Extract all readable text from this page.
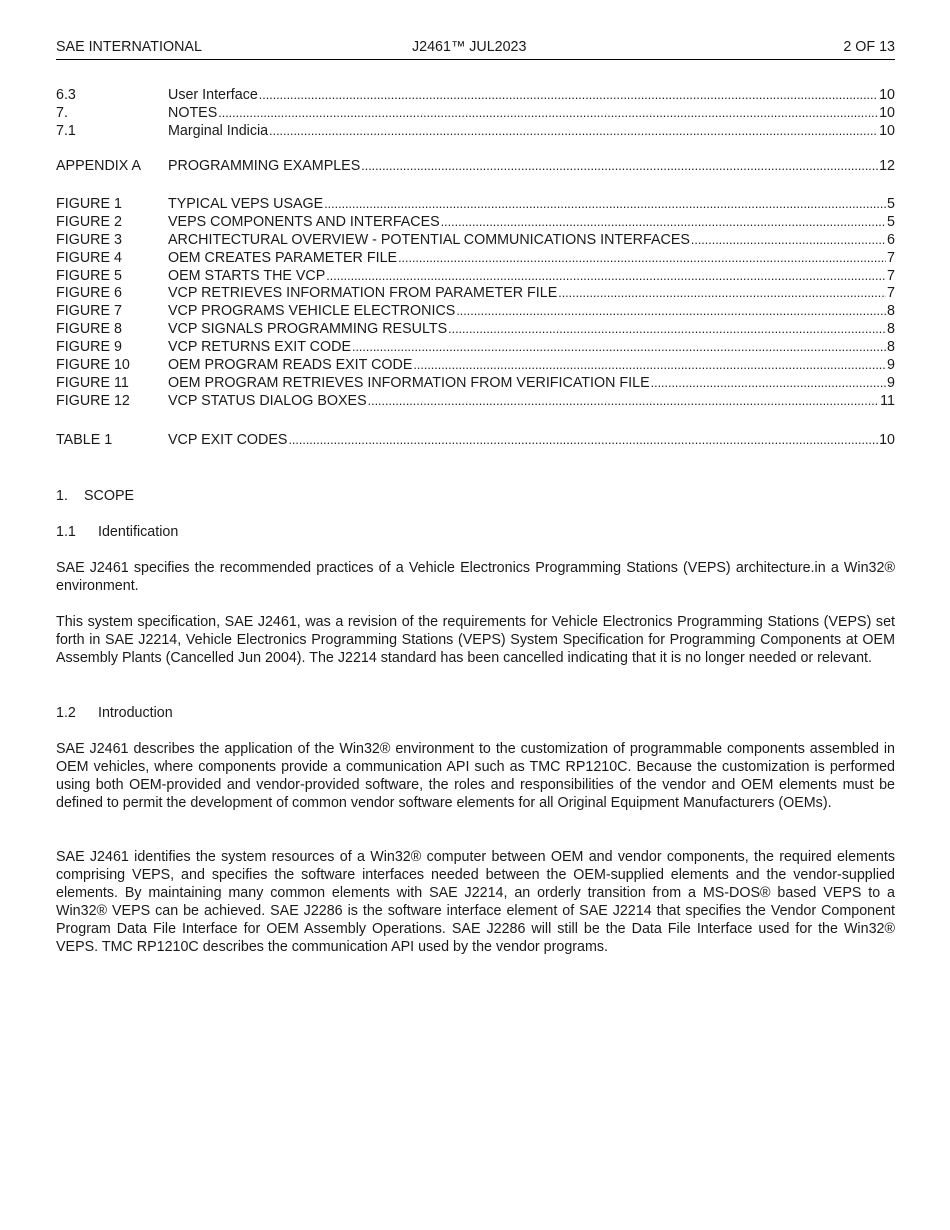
SAE INTERNATIONAL	J2461™ JUL2023	2 OF 13
6.3	User Interface .....	10
7.	NOTES .....	10
7.1	Marginal Indicia .....	10
APPENDIX A	PROGRAMMING EXAMPLES .....	12
FIGURE 1	TYPICAL VEPS USAGE .....	5
FIGURE 2	VEPS COMPONENTS AND INTERFACES .....	5
FIGURE 3	ARCHITECTURAL OVERVIEW - POTENTIAL COMMUNICATIONS INTERFACES .....	6
FIGURE 4	OEM CREATES PARAMETER FILE .....	7
FIGURE 5	OEM STARTS THE VCP .....	7
FIGURE 6	VCP RETRIEVES INFORMATION FROM PARAMETER FILE .....	7
FIGURE 7	VCP PROGRAMS VEHICLE ELECTRONICS .....	8
FIGURE 8	VCP SIGNALS PROGRAMMING RESULTS .....	8
FIGURE 9	VCP RETURNS EXIT CODE .....	8
FIGURE 10	OEM PROGRAM READS EXIT CODE .....	9
FIGURE 11	OEM PROGRAM RETRIEVES INFORMATION FROM VERIFICATION FILE .....	9
FIGURE 12	VCP STATUS DIALOG BOXES .....	11
TABLE 1	VCP EXIT CODES .....	10
1. SCOPE
1.1 Identification

SAE J2461 specifies the recommended practices of a Vehicle Electronics Programming Stations (VEPS) architecture.in a Win32® environment.

This system specification, SAE J2461, was a revision of the requirements for Vehicle Electronics Programming Stations (VEPS) set forth in SAE J2214, Vehicle Electronics Programming Stations (VEPS) System Specification for Programming Components at OEM Assembly Plants (Cancelled Jun 2004). The J2214 standard has been cancelled indicating that it is no longer needed or relevant.

1.2 Introduction

SAE J2461 describes the application of the Win32® environment to the customization of programmable components assembled in OEM vehicles, where components provide a communication API such as TMC RP1210C. Because the customization is performed using both OEM-provided and vendor-provided software, the roles and responsibilities of the vendor and OEM elements must be defined to permit the development of common vendor software elements for all Original Equipment Manufacturers (OEMs).

SAE J2461 identifies the system resources of a Win32® computer between OEM and vendor components, the required elements comprising VEPS, and specifies the software interfaces needed between the OEM-supplied elements and the vendor-supplied elements. By maintaining many common elements with SAE J2214, an orderly transition from a MS-DOS® based VEPS to a Win32® VEPS can be achieved. SAE J2286 is the software interface element of SAE J2214 that specifies the Vendor Component Program Data File Interface for OEM Assembly Operations. SAE J2286 will still be the Data File Interface used for the Win32® VEPS. TMC RP1210C describes the communication API used by the vendor programs.
